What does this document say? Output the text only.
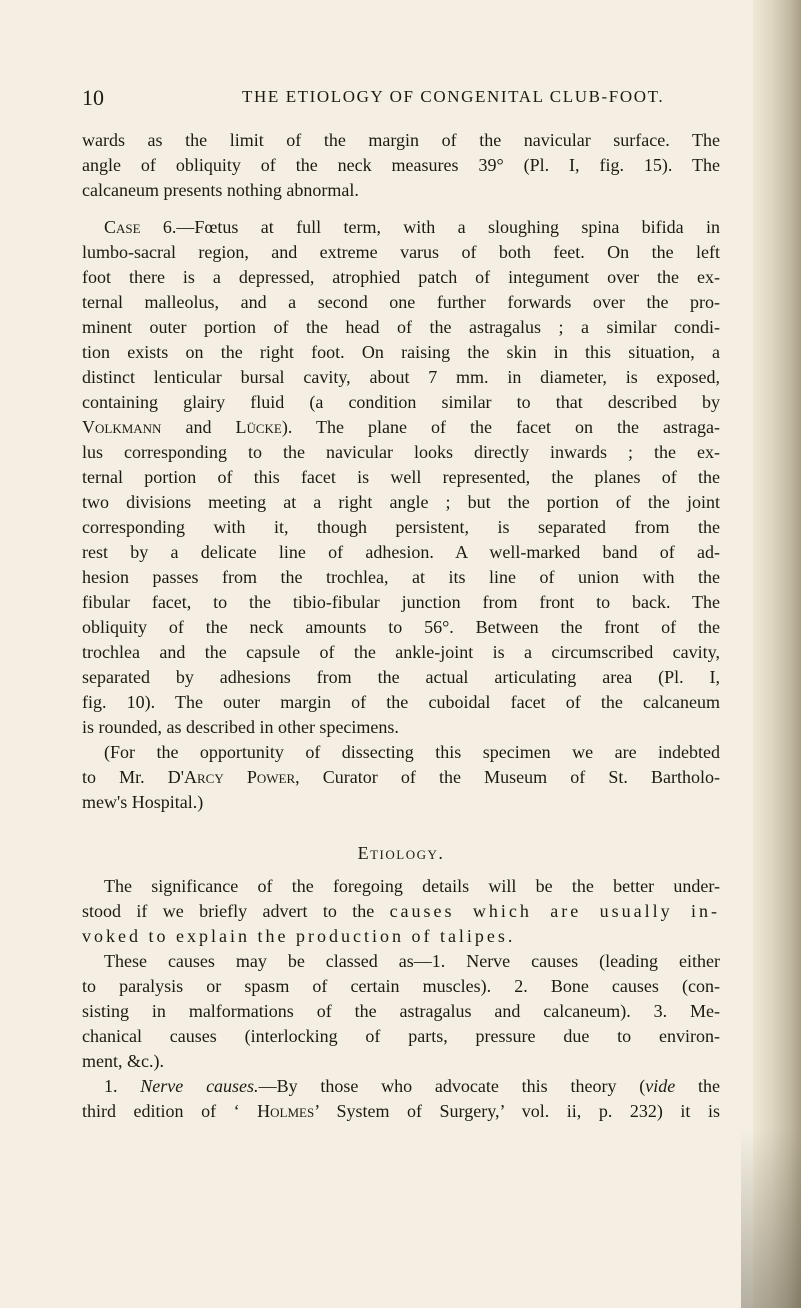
10	THE ETIOLOGY OF CONGENITAL CLUB-FOOT.
wards as the limit of the margin of the navicular surface. The
angle of obliquity of the neck measures 39° (Pl. I, fig. 15). The
calcaneum presents nothing abnormal.
Case 6.—Fœtus at full term, with a sloughing spina bifida in
lumbo-sacral region, and extreme varus of both feet. On the left
foot there is a depressed, atrophied patch of integument over the ex-
ternal malleolus, and a second one further forwards over the pro-
minent outer portion of the head of the astragalus ; a similar condi-
tion exists on the right foot. On raising the skin in this situation, a
distinct lenticular bursal cavity, about 7 mm. in diameter, is exposed,
containing glairy fluid (a condition similar to that described by
Volkmann and Lücke). The plane of the facet on the astraga-
lus corresponding to the navicular looks directly inwards ; the ex-
ternal portion of this facet is well represented, the planes of the
two divisions meeting at a right angle ; but the portion of the joint
corresponding with it, though persistent, is separated from the
rest by a delicate line of adhesion. A well-marked band of ad-
hesion passes from the trochlea, at its line of union with the
fibular facet, to the tibio-fibular junction from front to back. The
obliquity of the neck amounts to 56°. Between the front of the
trochlea and the capsule of the ankle-joint is a circumscribed cavity,
separated by adhesions from the actual articulating area (Pl. I,
fig. 10). The outer margin of the cuboidal facet of the calcaneum
is rounded, as described in other specimens.
(For the opportunity of dissecting this specimen we are indebted
to Mr. D'Arcy Power, Curator of the Museum of St. Bartholo-
mew's Hospital.)
Etiology.
The significance of the foregoing details will be the better under-
stood if we briefly advert to the causes which are usually in-
voked to explain the production of talipes.
These causes may be classed as—1. Nerve causes (leading either
to paralysis or spasm of certain muscles). 2. Bone causes (con-
sisting in malformations of the astragalus and calcaneum). 3. Me-
chanical causes (interlocking of parts, pressure due to environ-
ment, &c.).
1. Nerve causes.—By those who advocate this theory (vide the
third edition of ‘ Holmes’ System of Surgery,’ vol. ii, p. 232) it is
